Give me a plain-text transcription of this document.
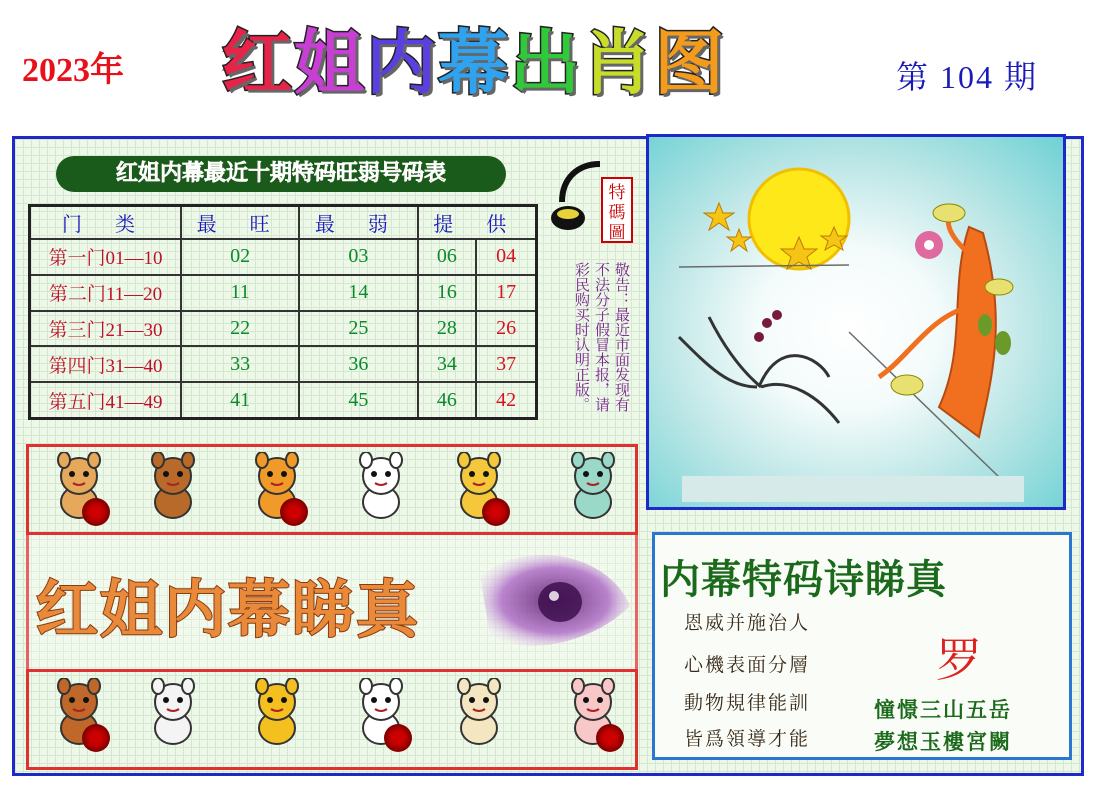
2023年 红 姐 内 幕 出 肖 图	第 104 期
红姐内幕最近十期特码旺弱号码表
门 类	最 旺	最 弱	提 供	
第一门01—10	02	03	06	04
第二门11—20	11	14	16	17
第三门21—30	22	25	28	26
第四门31—40	33	36	34	37
第五门41—49	41	45	46	42
特
碼
圖
敬告：最近市面发现有不法分子假冒本报，请彩民购买时认明正版。
红姐内幕睇真	内幕特码诗睇真
罗
恩威并施治人
心機表面分層
動物規律能訓
皆爲領導才能
憧憬三山五岳
夢想玉樓宮闕
